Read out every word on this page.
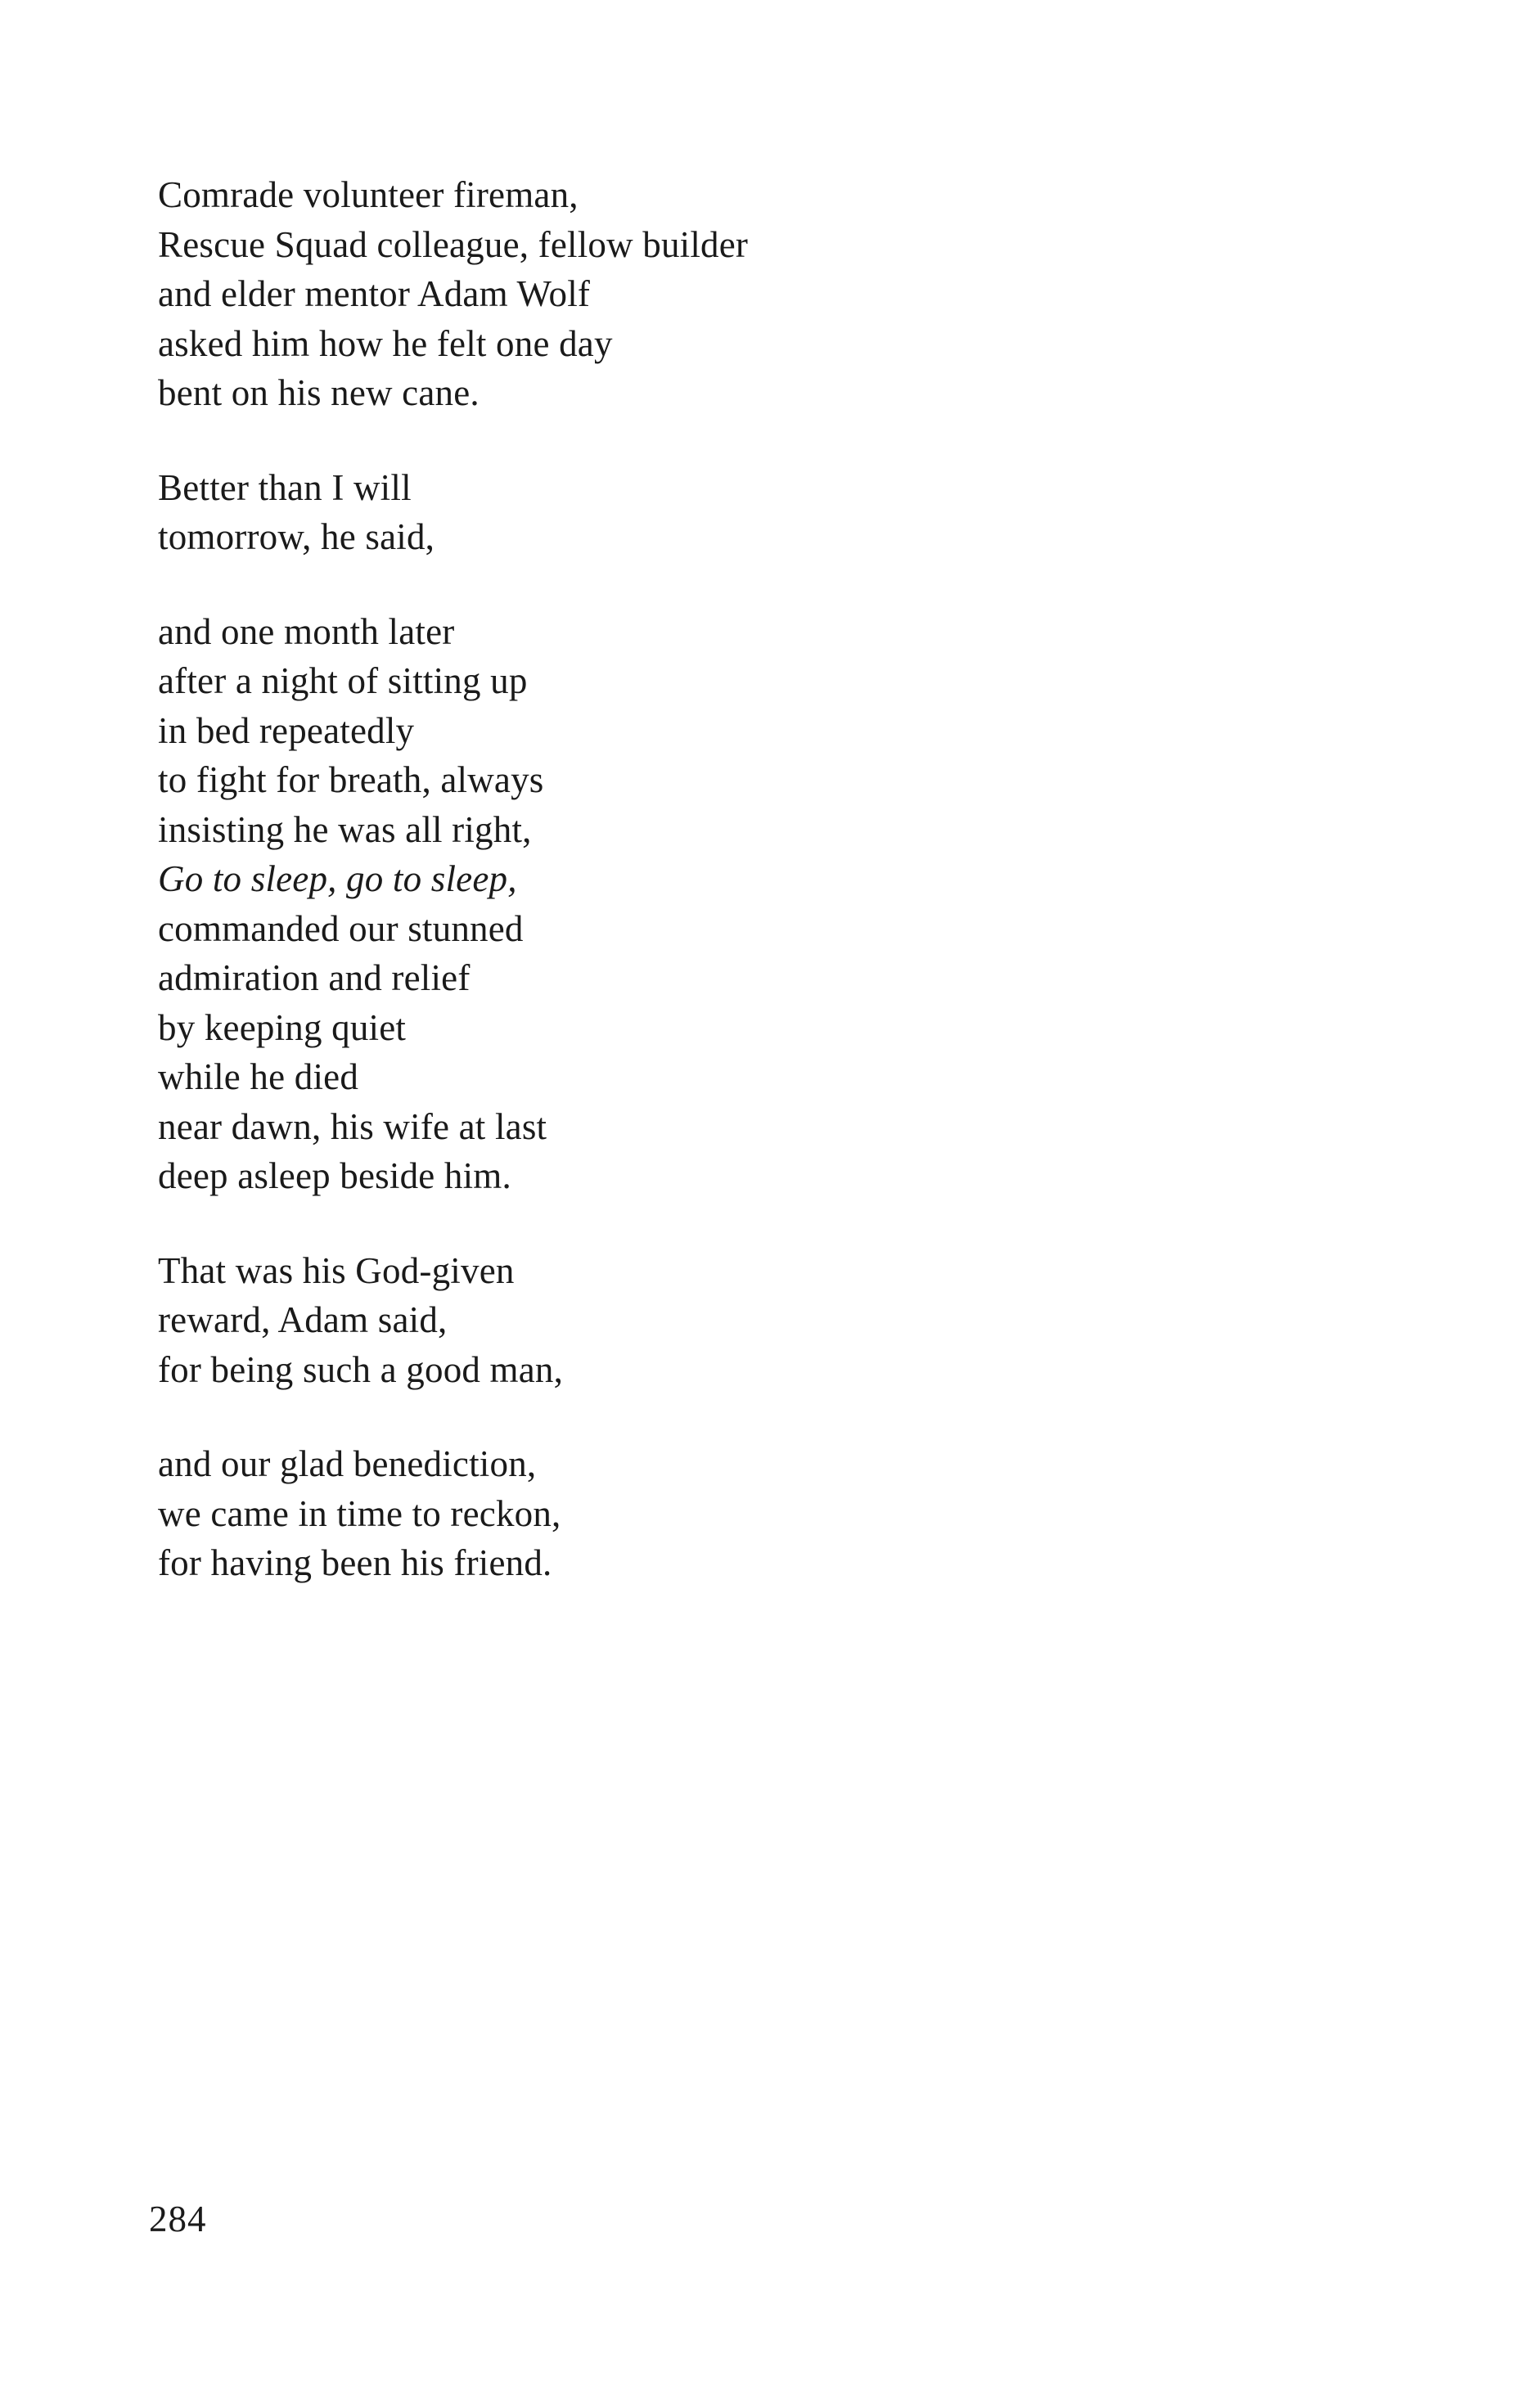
Comrade volunteer fireman,
Rescue Squad colleague, fellow builder
and elder mentor Adam Wolf
asked him how he felt one day
bent on his new cane.
Better than I will
tomorrow, he said,
and one month later
after a night of sitting up
in bed repeatedly
to fight for breath, always
insisting he was all right,
Go to sleep, go to sleep,
commanded our stunned
admiration and relief
by keeping quiet
while he died
near dawn, his wife at last
deep asleep beside him.
That was his God-given
reward, Adam said,
for being such a good man,
and our glad benediction,
we came in time to reckon,
for having been his friend.
284
